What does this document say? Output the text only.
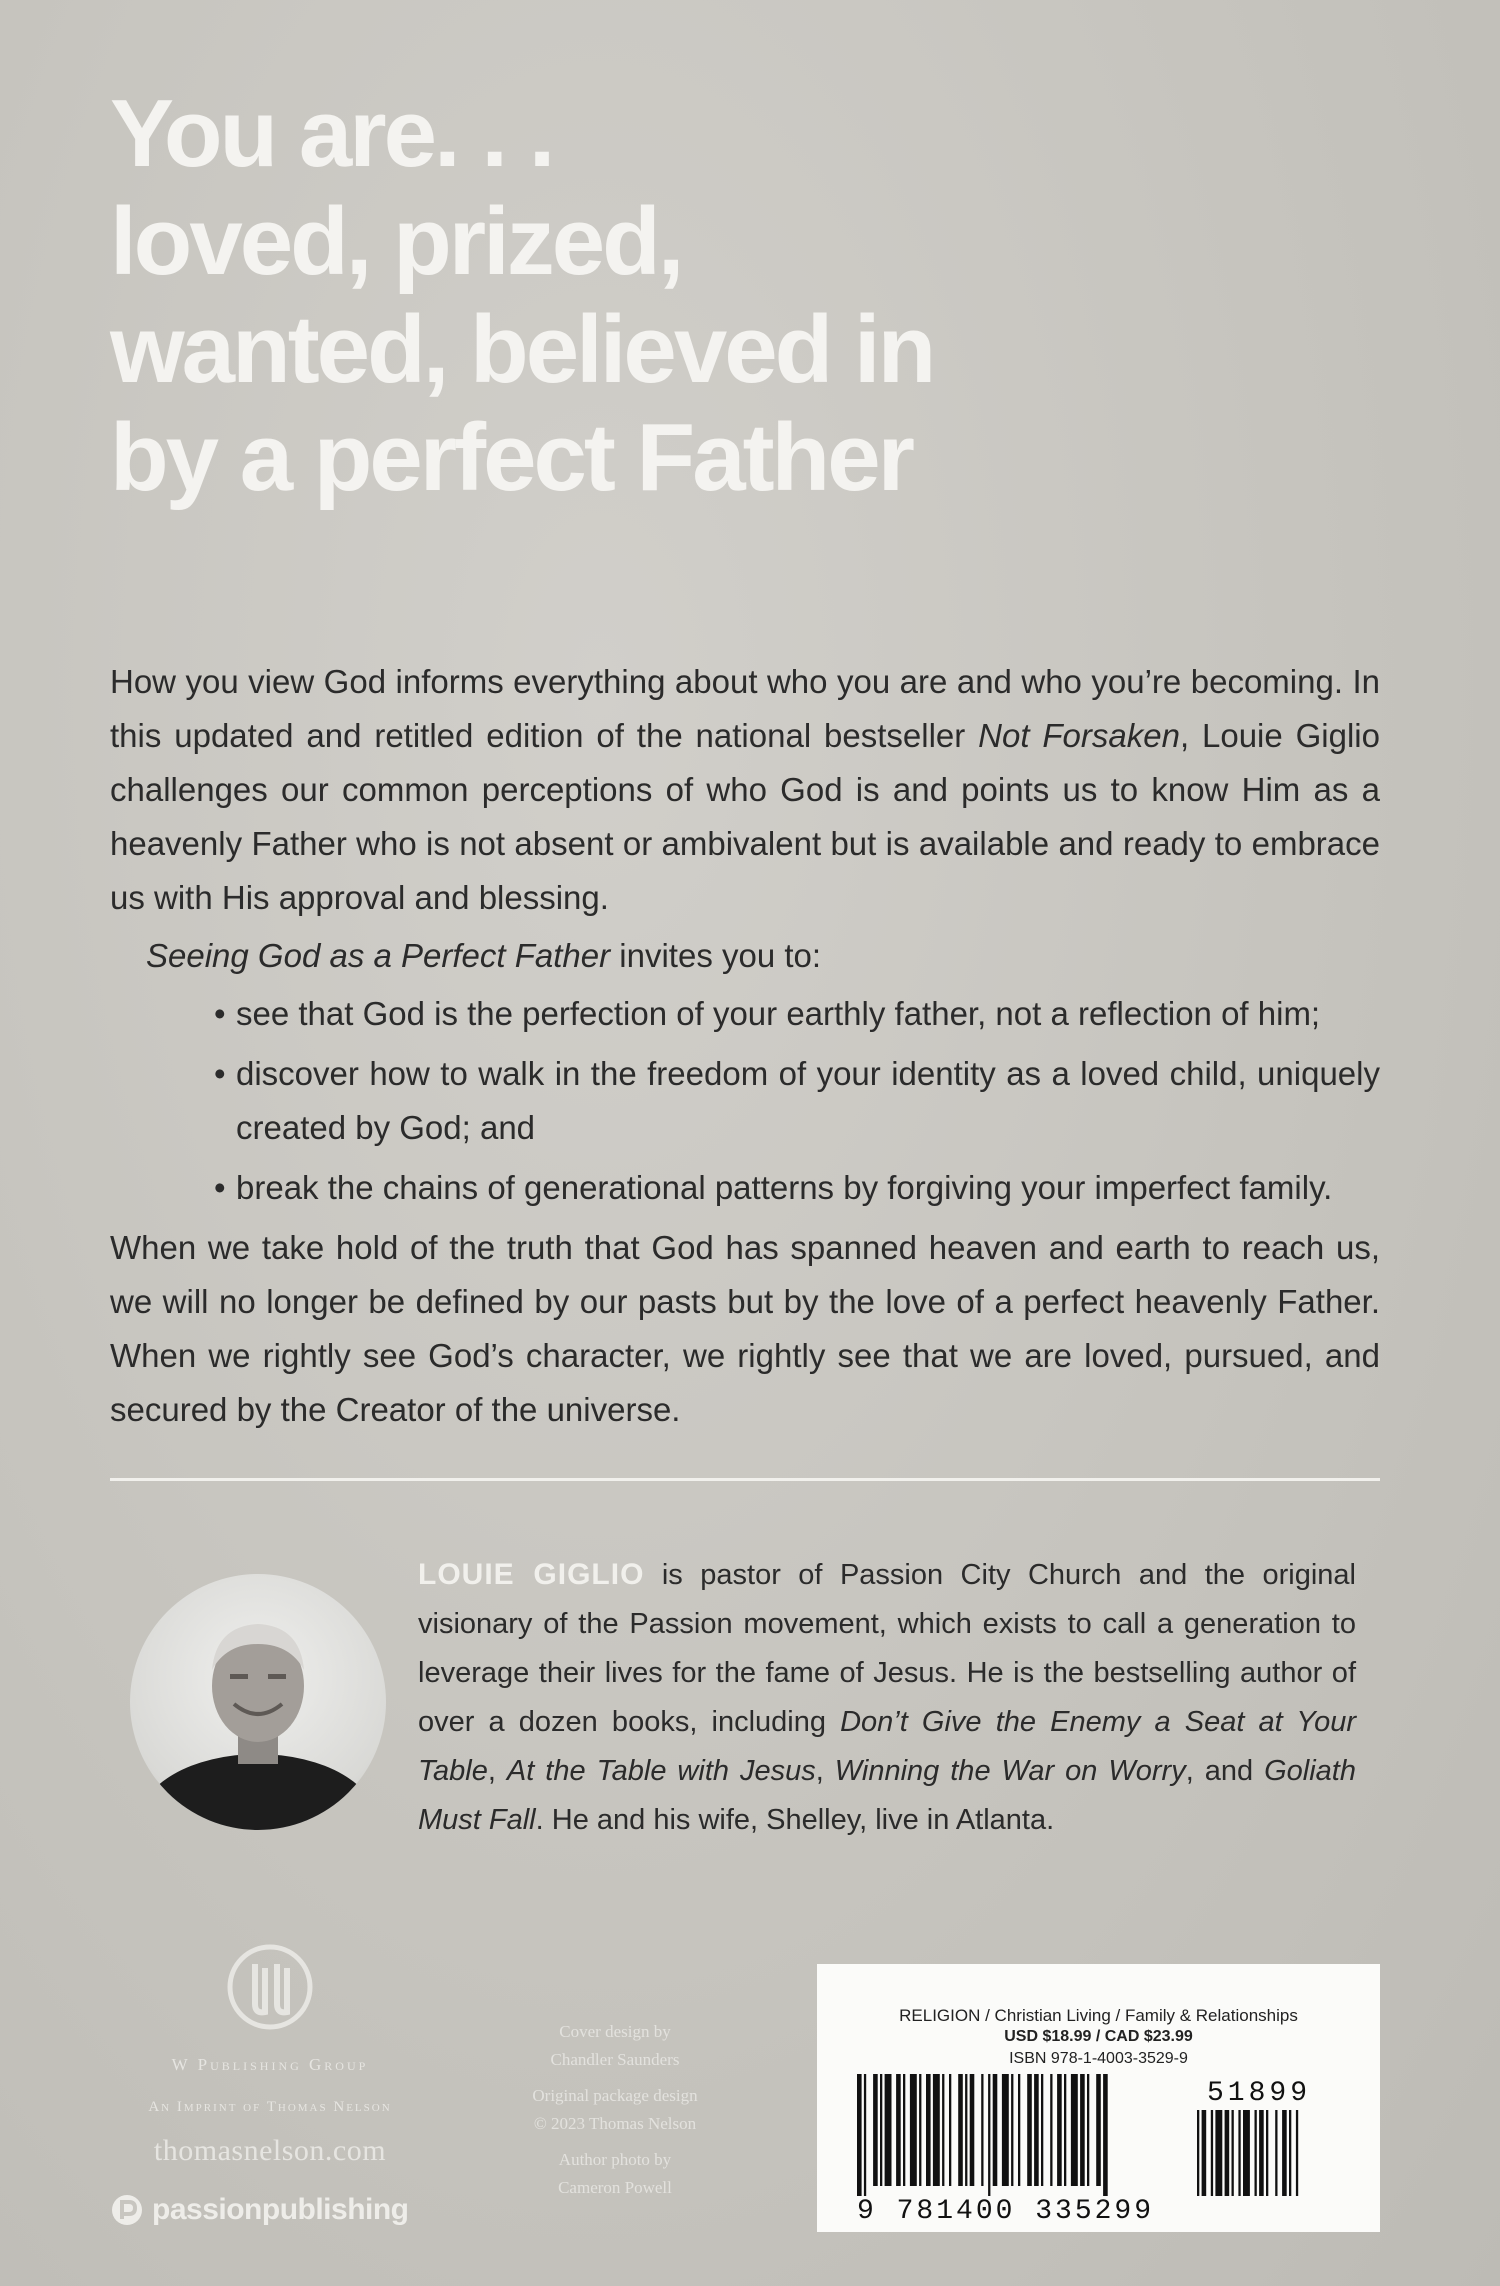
You are. . .
loved, prized,
wanted, believed in
by a perfect Father

How you view God informs everything about who you are and who you’re becoming. In this updated and retitled edition of the national bestseller Not Forsaken, Louie Giglio challenges our common perceptions of who God is and points us to know Him as a heavenly Father who is not absent or ambivalent but is available and ready to embrace us with His approval and blessing.

Seeing God as a Perfect Father invites you to:

• see that God is the perfection of your earthly father, not a reflection of him;
• discover how to walk in the freedom of your identity as a loved child, uniquely created by God; and
• break the chains of generational patterns by forgiving your imperfect family.

When we take hold of the truth that God has spanned heaven and earth to reach us, we will no longer be defined by our pasts but by the love of a perfect heavenly Father. When we rightly see God’s character, we rightly see that we are loved, pursued, and secured by the Creator of the universe.

LOUIE GIGLIO is pastor of Passion City Church and the original visionary of the Passion movement, which exists to call a generation to leverage their lives for the fame of Jesus. He is the bestselling author of over a dozen books, including Don’t Give the Enemy a Seat at Your Table, At the Table with Jesus, Winning the War on Worry, and Goliath Must Fall. He and his wife, Shelley, live in Atlanta.
W Publishing Group
An Imprint of Thomas Nelson
thomasnelson.com
passionpublishing
Cover design by
Chandler Saunders
Original package design
© 2023 Thomas Nelson
Author photo by
Cameron Powell
RELIGION / Christian Living / Family & Relationships
USD $18.99 / CAD $23.99
ISBN 978-1-4003-3529-9
9 781400 335299
51899
